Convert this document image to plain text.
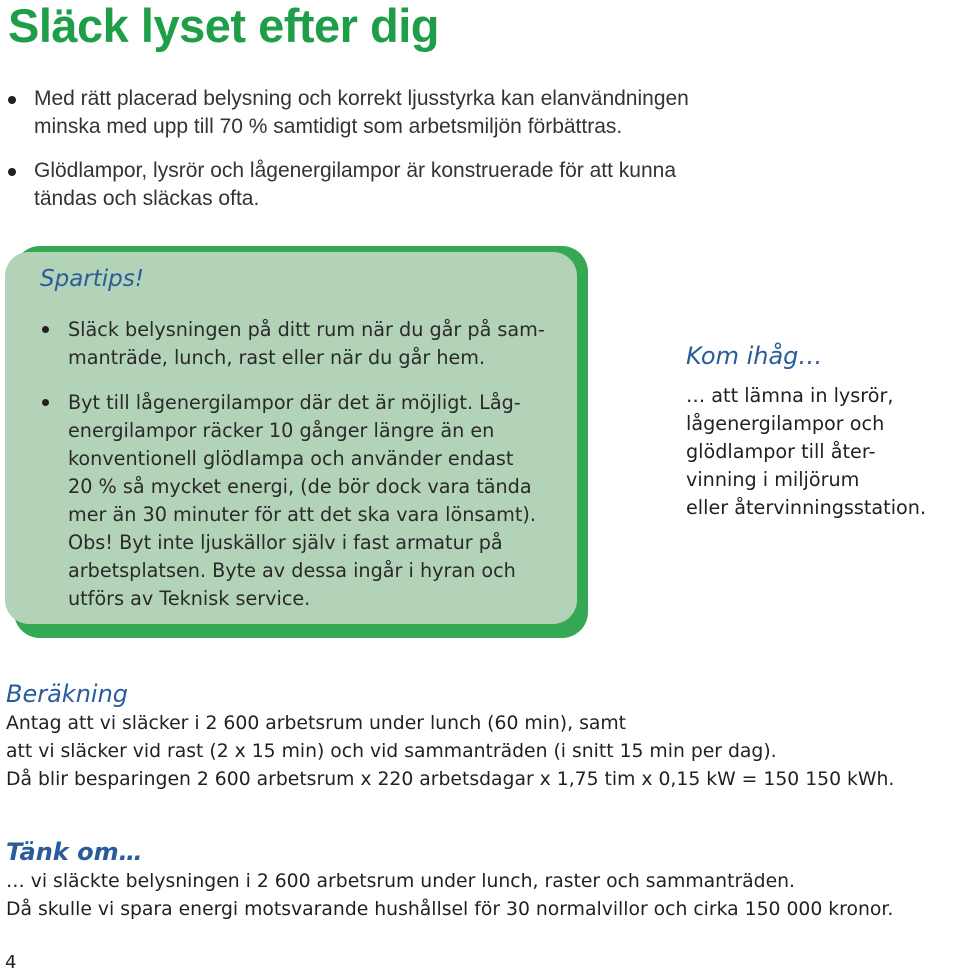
Släck lyset efter dig
Med rätt placerad belysning och korrekt ljusstyrka kan elanvändningen
minska med upp till 70 % samtidigt som arbetsmiljön förbättras.
Glödlampor, lysrör och lågenergilampor är konstruerade för att kunna
tändas och släckas ofta.
Spartips!
Släck belysningen på ditt rum när du går på sam-
manträde, lunch, rast eller när du går hem.
Byt till lågenergilampor där det är möjligt. Låg-
energilampor räcker 10 gånger längre än en
konventionell glödlampa och använder endast
20 % så mycket energi, (de bör dock vara tända
mer än 30 minuter för att det ska vara lönsamt).
Obs! Byt inte ljuskällor själv i fast armatur på
arbetsplatsen. Byte av dessa ingår i hyran och
utförs av Teknisk service.
Kom ihåg…
… att lämna in lysrör,
lågenergilampor och
glödlampor till åter-
vinning i miljörum
eller återvinningsstation.
Beräkning
Antag att vi släcker i 2 600 arbetsrum under lunch (60 min), samt
att vi släcker vid rast (2 x 15 min) och vid sammanträden (i snitt 15 min per dag).
Då blir besparingen 2 600 arbetsrum x 220 arbetsdagar x 1,75 tim x 0,15 kW = 150 150 kWh.
Tänk om…
… vi släckte belysningen i 2 600 arbetsrum under lunch, raster och sammanträden.
Då skulle vi spara energi motsvarande hushållsel för 30 normalvillor och cirka 150 000 kronor.
4
